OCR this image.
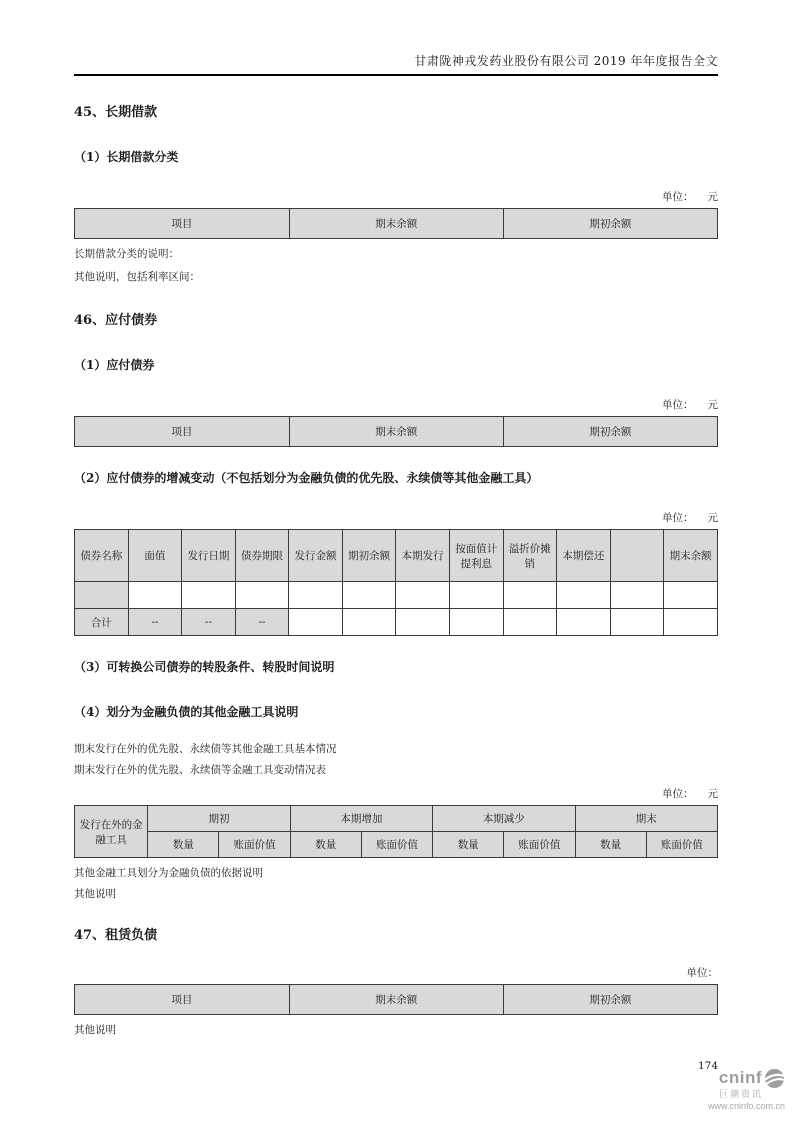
甘肃陇神戎发药业股份有限公司 2019 年年度报告全文
45、长期借款
（1）长期借款分类
单位： 元
项目	期末余额	期初余额

长期借款分类的说明：

其他说明，包括利率区间：

46、应付债券
（1）应付债券
单位： 元
项目	期末余额	期初余额
（2）应付债券的增减变动（不包括划分为金融负债的优先股、永续债等其他金融工具）
单位： 元
债券名称	面值	发行日期	债券期限	发行金额	期初余额	本期发行	按面值计提利息	溢折价摊销	本期偿还		期末余额

合计	--	--	--								
（3）可转换公司债券的转股条件、转股时间说明
（4）划分为金融负债的其他金融工具说明

期末发行在外的优先股、永续债等其他金融工具基本情况

期末发行在外的优先股、永续债等金融工具变动情况表

单位： 元
发行在外的金融工具	期初		本期增加		本期减少		期末	
	数量	账面价值	数量	账面价值	数量	账面价值	数量	账面价值

其他金融工具划分为金融负债的依据说明

其他说明

47、租赁负债
单位：
项目	期末余额	期初余额

其他说明

174
cninf
巨潮资讯
www.cninfo.com.cn
